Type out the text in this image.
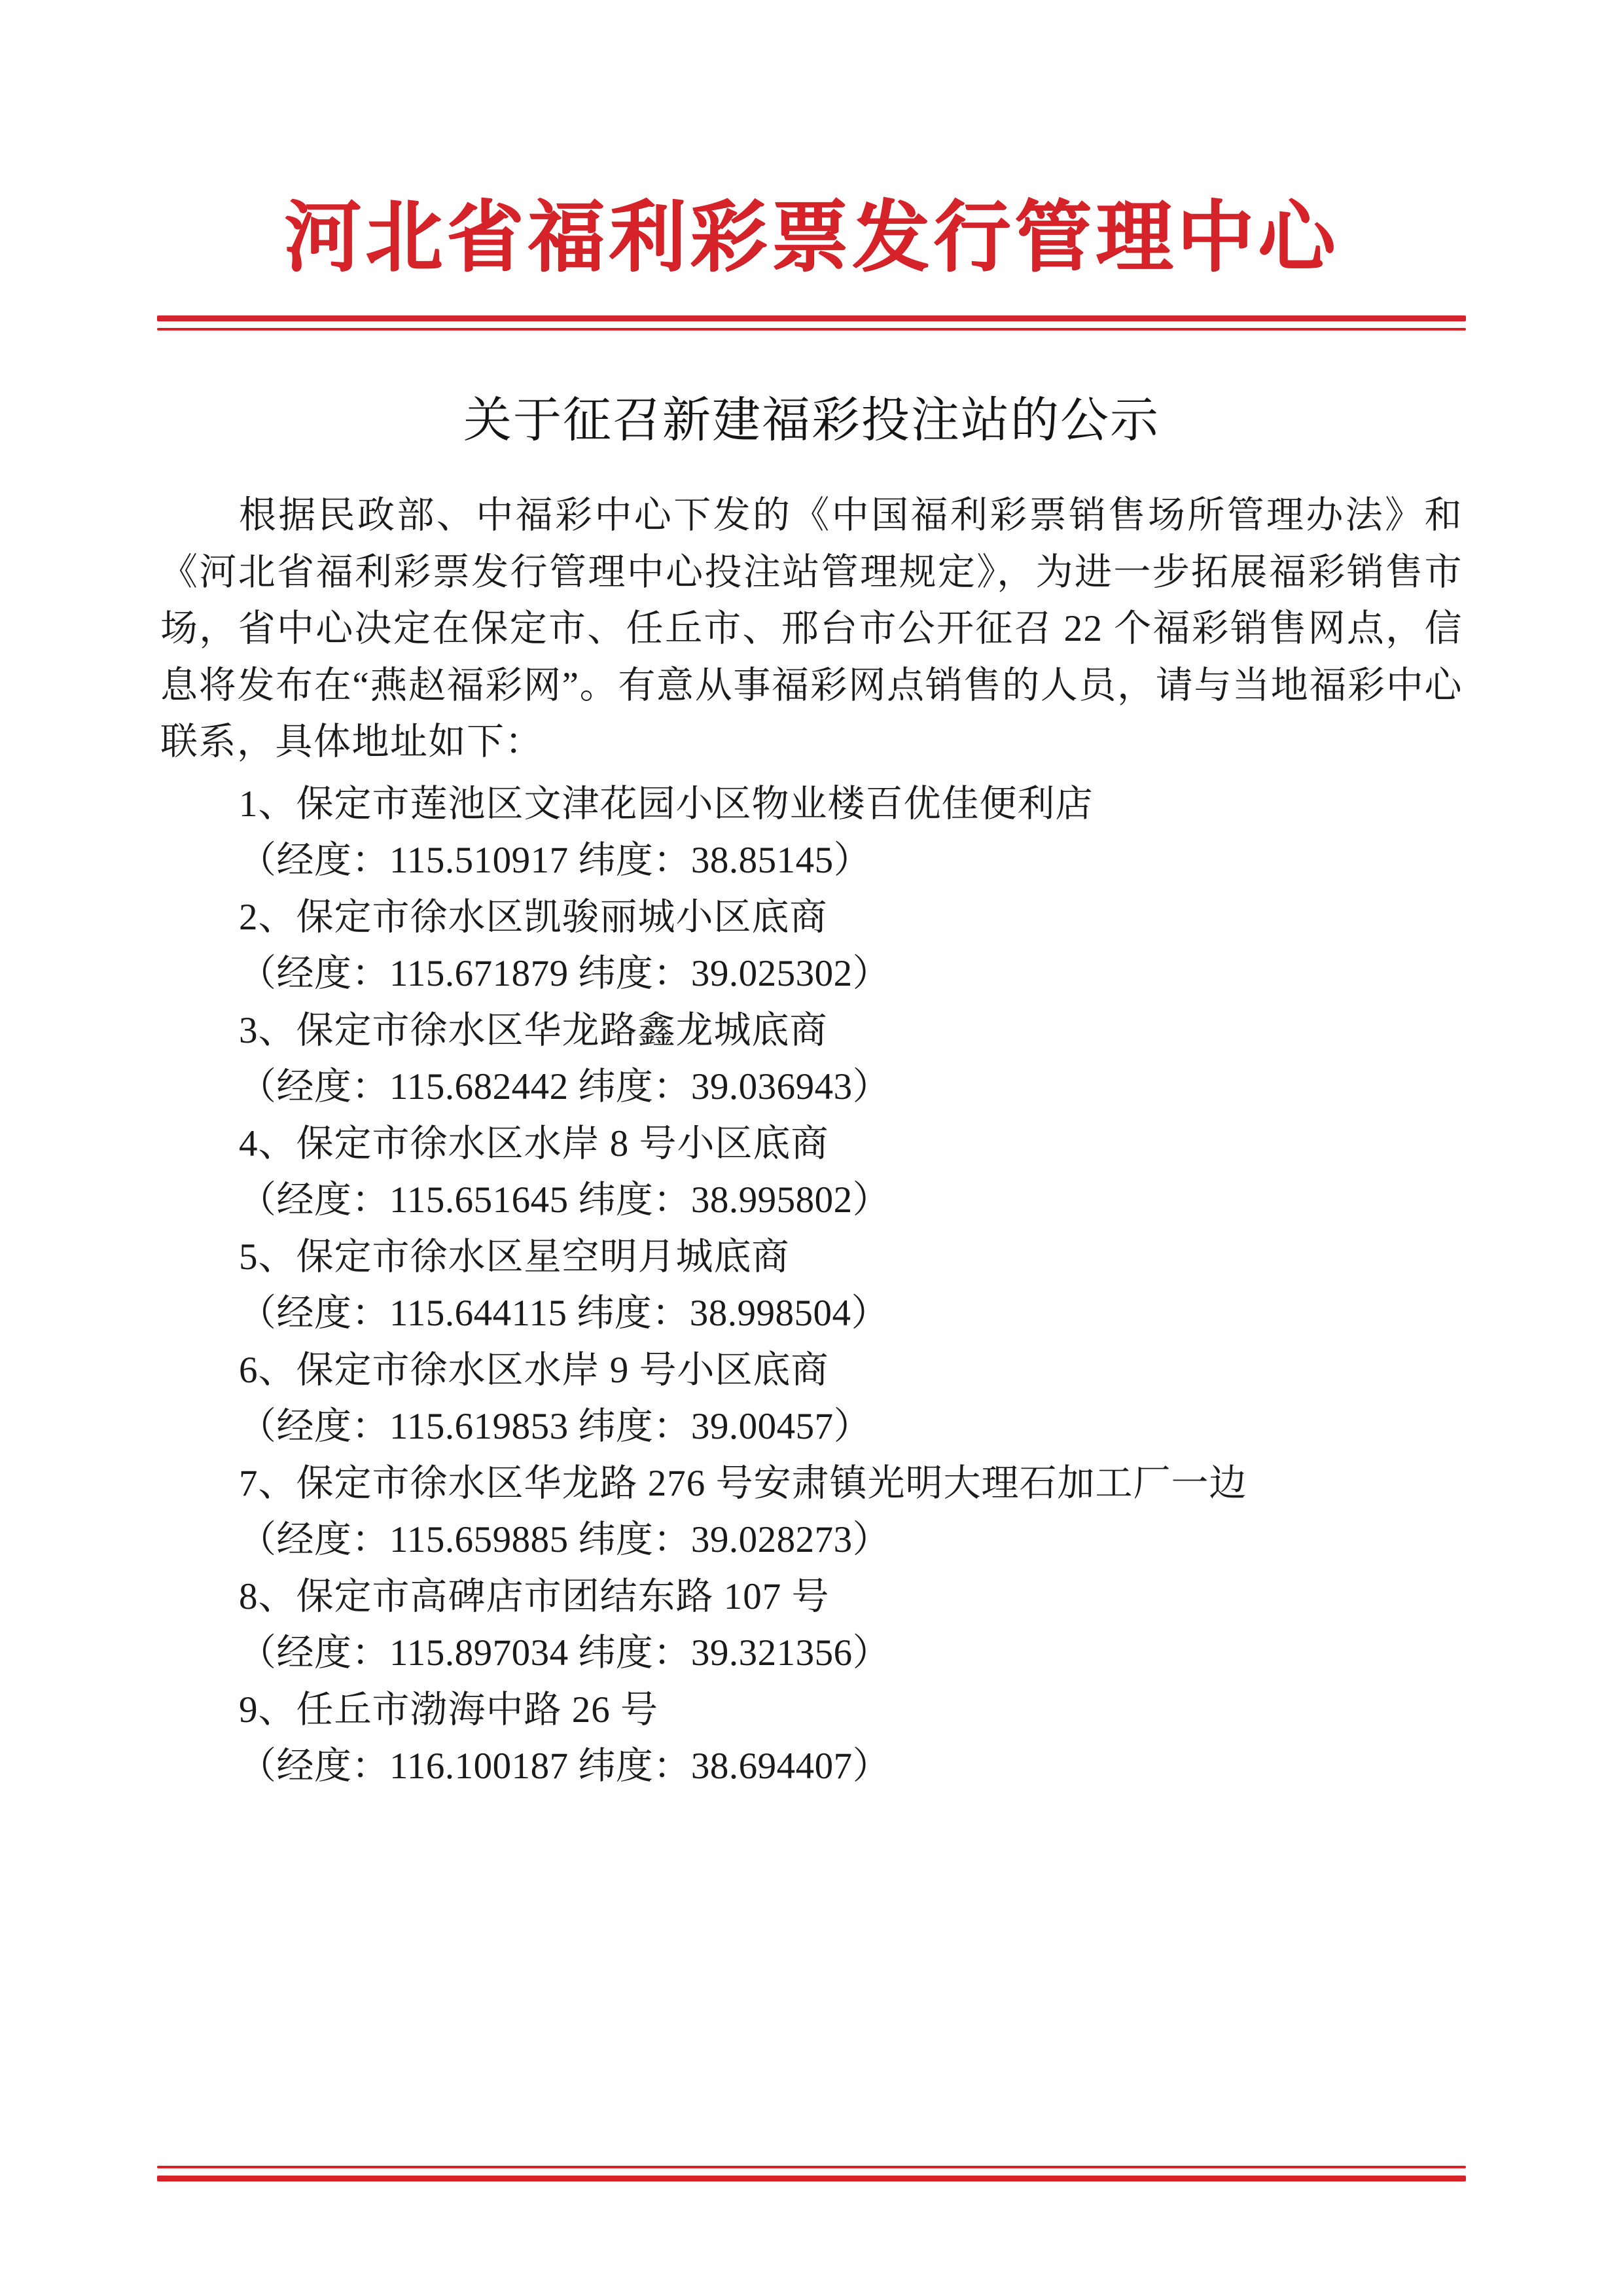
河北省福利彩票发行管理中心
关于征召新建福彩投注站的公示

根据民政部、中福彩中心下发的《中国福利彩票销售场所管理办法》和《河北省福利彩票发行管理中心投注站管理规定》，为进一步拓展福彩销售市场，省中心决定在保定市、任丘市、邢台市公开征召 22 个福彩销售网点，信息将发布在“燕赵福彩网”。有意从事福彩网点销售的人员，请与当地福彩中心联系，具体地址如下：

1、保定市莲池区文津花园小区物业楼百优佳便利店
（经度：115.510917 纬度：38.85145）
2、保定市徐水区凯骏丽城小区底商
（经度：115.671879 纬度：39.025302）
3、保定市徐水区华龙路鑫龙城底商
（经度：115.682442 纬度：39.036943）
4、保定市徐水区水岸 8 号小区底商
（经度：115.651645 纬度：38.995802）
5、保定市徐水区星空明月城底商
（经度：115.644115 纬度：38.998504）
6、保定市徐水区水岸 9 号小区底商
（经度：115.619853 纬度：39.00457）
7、保定市徐水区华龙路 276 号安肃镇光明大理石加工厂一边
（经度：115.659885 纬度：39.028273）
8、保定市高碑店市团结东路 107 号
（经度：115.897034 纬度：39.321356）
9、任丘市渤海中路 26 号
（经度：116.100187 纬度：38.694407）
